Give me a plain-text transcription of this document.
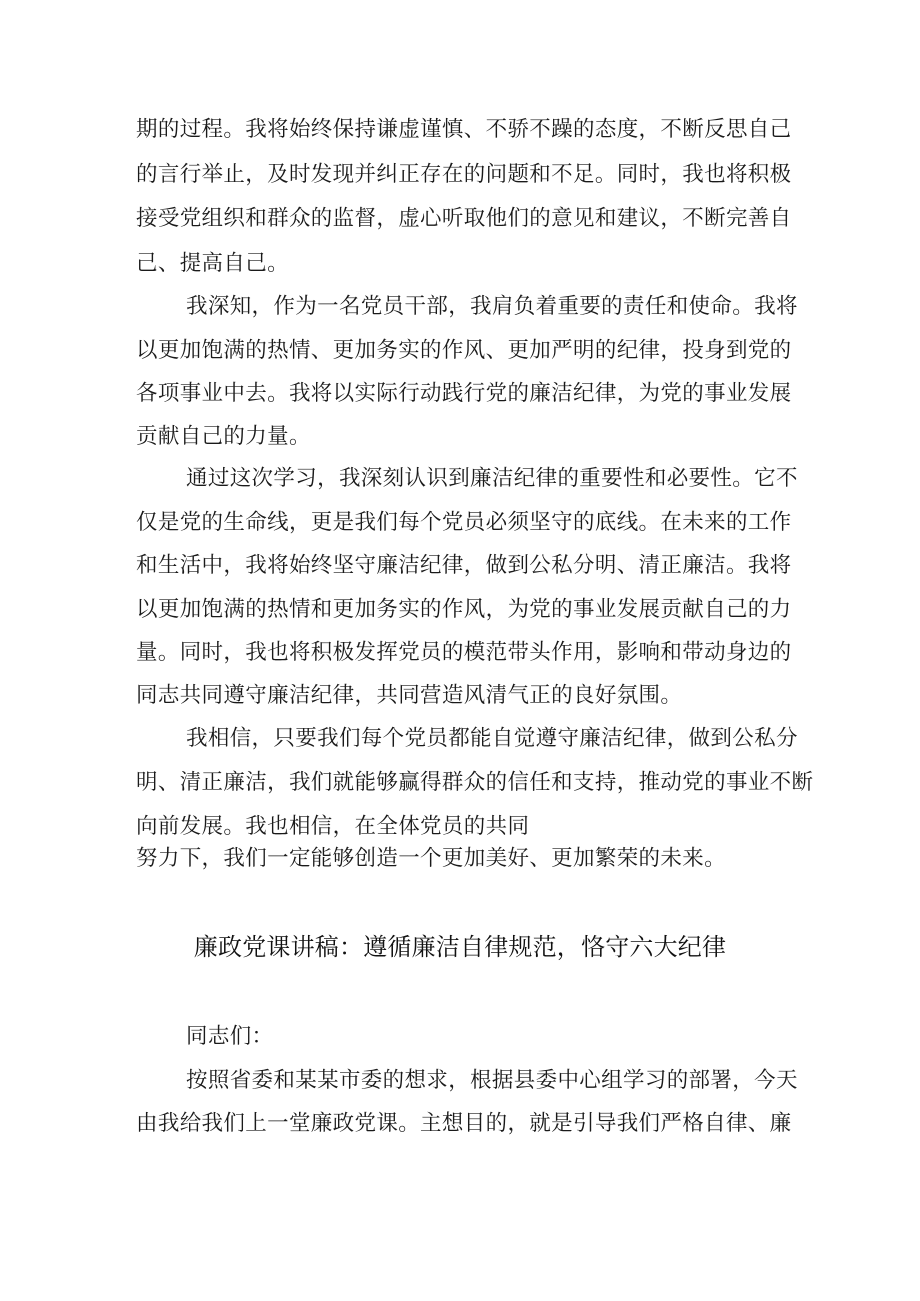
期的过程。我将始终保持谦虚谨慎、不骄不躁的态度，不断反思自己
的言行举止，及时发现并纠正存在的问题和不足。同时，我也将积极
接受党组织和群众的监督，虚心听取他们的意见和建议，不断完善自
己、提高自己。
我深知，作为一名党员干部，我肩负着重要的责任和使命。我将
以更加饱满的热情、更加务实的作风、更加严明的纪律，投身到党的
各项事业中去。我将以实际行动践行党的廉洁纪律，为党的事业发展
贡献自己的力量。
通过这次学习，我深刻认识到廉洁纪律的重要性和必要性。它不
仅是党的生命线，更是我们每个党员必须坚守的底线。在未来的工作
和生活中，我将始终坚守廉洁纪律，做到公私分明、清正廉洁。我将
以更加饱满的热情和更加务实的作风，为党的事业发展贡献自己的力
量。同时，我也将积极发挥党员的模范带头作用，影响和带动身边的
同志共同遵守廉洁纪律，共同营造风清气正的良好氛围。
我相信，只要我们每个党员都能自觉遵守廉洁纪律，做到公私分
明、清正廉洁，我们就能够赢得群众的信任和支持，推动党的事业不断
向前发展。我也相信，在全体党员的共同
努力下，我们一定能够创造一个更加美好、更加繁荣的未来。
廉政党课讲稿：遵循廉洁自律规范，恪守六大纪律
同志们：
按照省委和某某市委的想求，根据县委中心组学习的部署，今天
由我给我们上一堂廉政党课。主想目的，就是引导我们严格自律、廉
